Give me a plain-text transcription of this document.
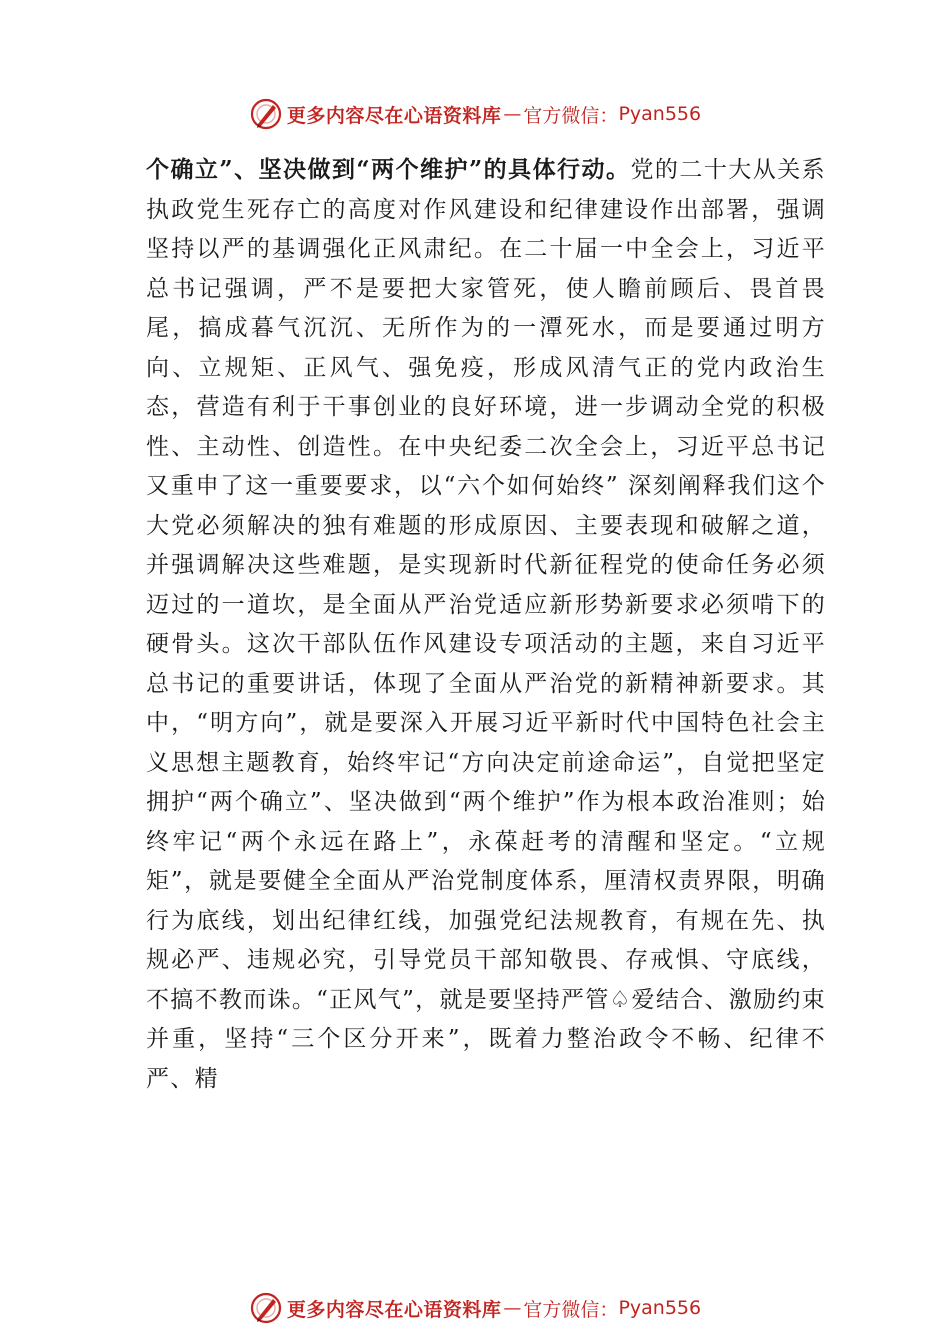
更多内容尽在心语资料库 — 官方微信： Pyan556
个确立”、坚决做到“两个维护”的具体行动。党的二十大从关系执政党生死存亡的高度对作风建设和纪律建设作出部署，强调坚持以严的基调强化正风肃纪。在二十届一中全会上，习近平总书记强调，严不是要把大家管死，使人瞻前顾后、畏首畏尾，搞成暮气沉沉、无所作为的一潭死水，而是要通过明方向、立规矩、正风气、强免疫，形成风清气正的党内政治生态，营造有利于干事创业的良好环境，进一步调动全党的积极性、主动性、创造性。在中央纪委二次全会上，习近平总书记又重申了这一重要要求，以“六个如何始终” 深刻阐释我们这个大党必须解决的独有难题的形成原因、主要表现和破解之道，并强调解决这些难题，是实现新时代新征程党的使命任务必须迈过的一道坎，是全面从严治党适应新形势新要求必须啃下的硬骨头。这次干部队伍作风建设专项活动的主题，来自习近平总书记的重要讲话，体现了全面从严治党的新精神新要求。其中，“明方向”，就是要深入开展习近平新时代中国特色社会主义思想主题教育，始终牢记“方向决定前途命运”，自觉把坚定拥护“两个确立”、坚决做到“两个维护”作为根本政治准则；始终牢记“两个永远在路上”，永葆赶考的清醒和坚定。“立规矩”，就是要健全全面从严治党制度体系，厘清权责界限，明确行为底线，划出纪律红线，加强党纪法规教育，有规在先、执规必严、违规必究，引导党员干部知敬畏、存戒惧、守底线，不搞不教而诛。“正风气”，就是要坚持严管♤爱结合、激励约束并重，坚持“三个区分开来”，既着力整治政令不畅、纪律不严、精
更多内容尽在心语资料库 — 官方微信： Pyan556
